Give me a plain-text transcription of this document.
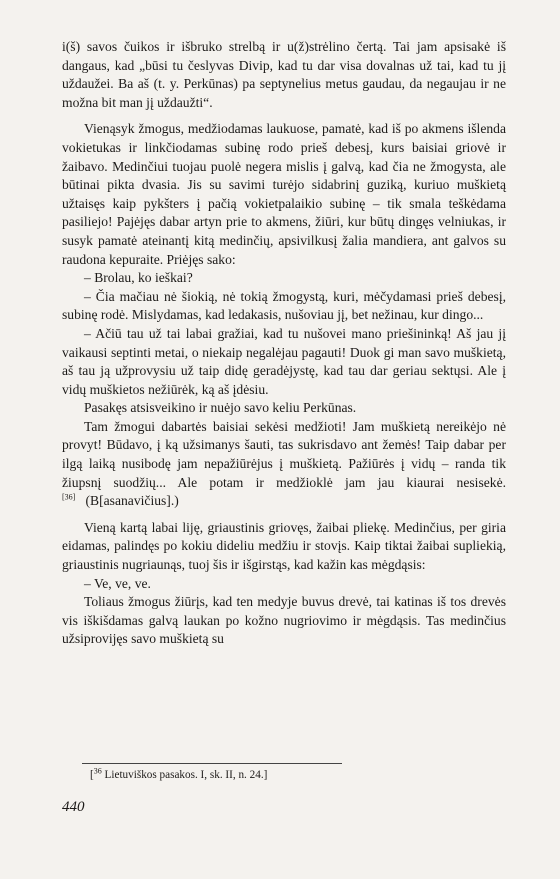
i(š) savos čuikos ir išbruko strelbą ir u(ž)strėlino čertą. Tai jam apsisakė iš dangaus, kad „būsi tu česlyvas Divip, kad tu dar visa dovalnas už tai, kad tu jį uždaužei. Ba aš (t. y. Perkūnas) pa septynelius metus gaudau, da negaujau ir ne možna bit man jį uždaužti“.

Vienąsyk žmogus, medžiodamas laukuose, pamatė, kad iš po akmens išlenda vokietukas ir linkčiodamas subinę rodo prieš debesį, kurs baisiai griovė ir žaibavo. Medinčiui tuojau puolė negera mislis į galvą, kad čia ne žmogysta, ale būtinai pikta dvasia. Jis su savimi turėjo sidabrinį guziką, kuriuo muškietą užtaisęs kaip pykšters į pačią vokietpalaikio subinę – tik smala teškėdama pasiliejo! Pajėjęs dabar artyn prie to akmens, žiūri, kur būtų dingęs velniukas, ir susyk pamatė ateinantį kitą medinčių, apsivilkusį žalia mandiera, ant galvos su raudona kepuraite. Priėjęs sako:

– Brolau, ko ieškai?

– Čia mačiau nė šiokią, nė tokią žmogystą, kuri, mėčydamasi prieš debesį, subinę rodė. Mislydamas, kad ledakasis, nušoviau jį, bet nežinau, kur dingo...

– Ačiū tau už tai labai gražiai, kad tu nušovei mano priešininką! Aš jau jį vaikausi septinti metai, o niekaip negalėjau pagauti! Duok gi man savo muškietą, aš tau ją užprovysiu už taip didę geradėjystę, kad tau dar geriau sektųsi. Ale į vidų muškietos nežiūrėk, ką aš įdėsiu.

Pasakęs atsisveikino ir nuėjo savo keliu Perkūnas.

Tam žmogui dabartės baisiai sekėsi medžioti! Jam muškietą nereikėjo nė provyt! Būdavo, į ką užsimanys šauti, tas sukrisdavo ant žemės! Taip dabar per ilgą laiką nusibodę jam nepažiūrėjus į muškietą. Pažiūrės į vidų – randa tik žiupsnį suodžių... Ale potam ir medžioklė jam jau kiaurai nesisekė.[36] (B[asanavičius].)

Vieną kartą labai liję, griaustinis griovęs, žaibai pliekę. Medinčius, per giria eidamas, palindęs po kokiu dideliu medžiu ir stovįs. Kaip tiktai žaibai supliekią, griaustinis nugriaunąs, tuoj šis ir išgirstąs, kad kažin kas mėgdąsis:

– Ve, ve, ve.

Toliaus žmogus žiūrįs, kad ten medyje buvus drevė, tai katinas iš tos drevės vis iškišdamas galvą laukan po kožno nugriovimo ir mėgdąsis. Tas medinčius užsiprovijęs savo muškietą su

[$^{36}$ Lietuviškos pasakos. I, sk. II, n. 24.]
440
